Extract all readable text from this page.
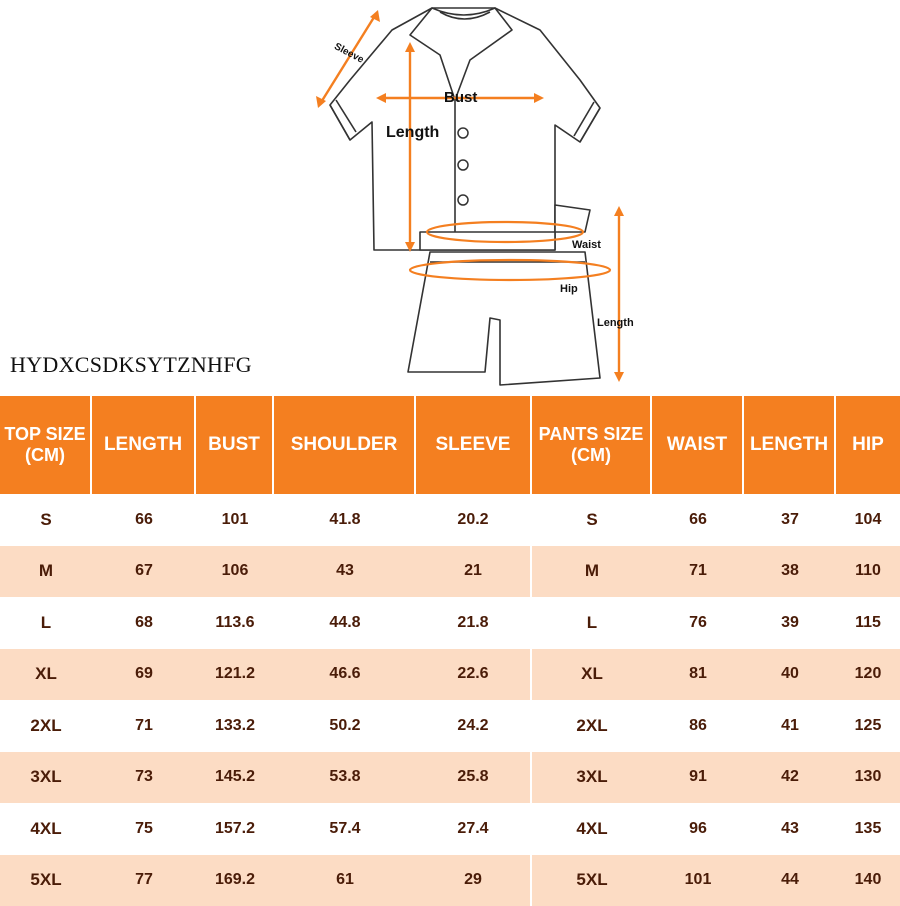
Sleeve
Bust
Length
Waist
Hip
Length
HYDXCSDKSYTZNHFG
TOP SIZE (CM)	LENGTH	BUST	SHOULDER	SLEEVE
S	66	101	41.8	20.2
M	67	106	43	21
L	68	113.6	44.8	21.8
XL	69	121.2	46.6	22.6
2XL	71	133.2	50.2	24.2
3XL	73	145.2	53.8	25.8
4XL	75	157.2	57.4	27.4
5XL	77	169.2	61	29
PANTS SIZE (CM)	WAIST	LENGTH	HIP
S	66	37	104
M	71	38	110
L	76	39	115
XL	81	40	120
2XL	86	41	125
3XL	91	42	130
4XL	96	43	135
5XL	101	44	140
